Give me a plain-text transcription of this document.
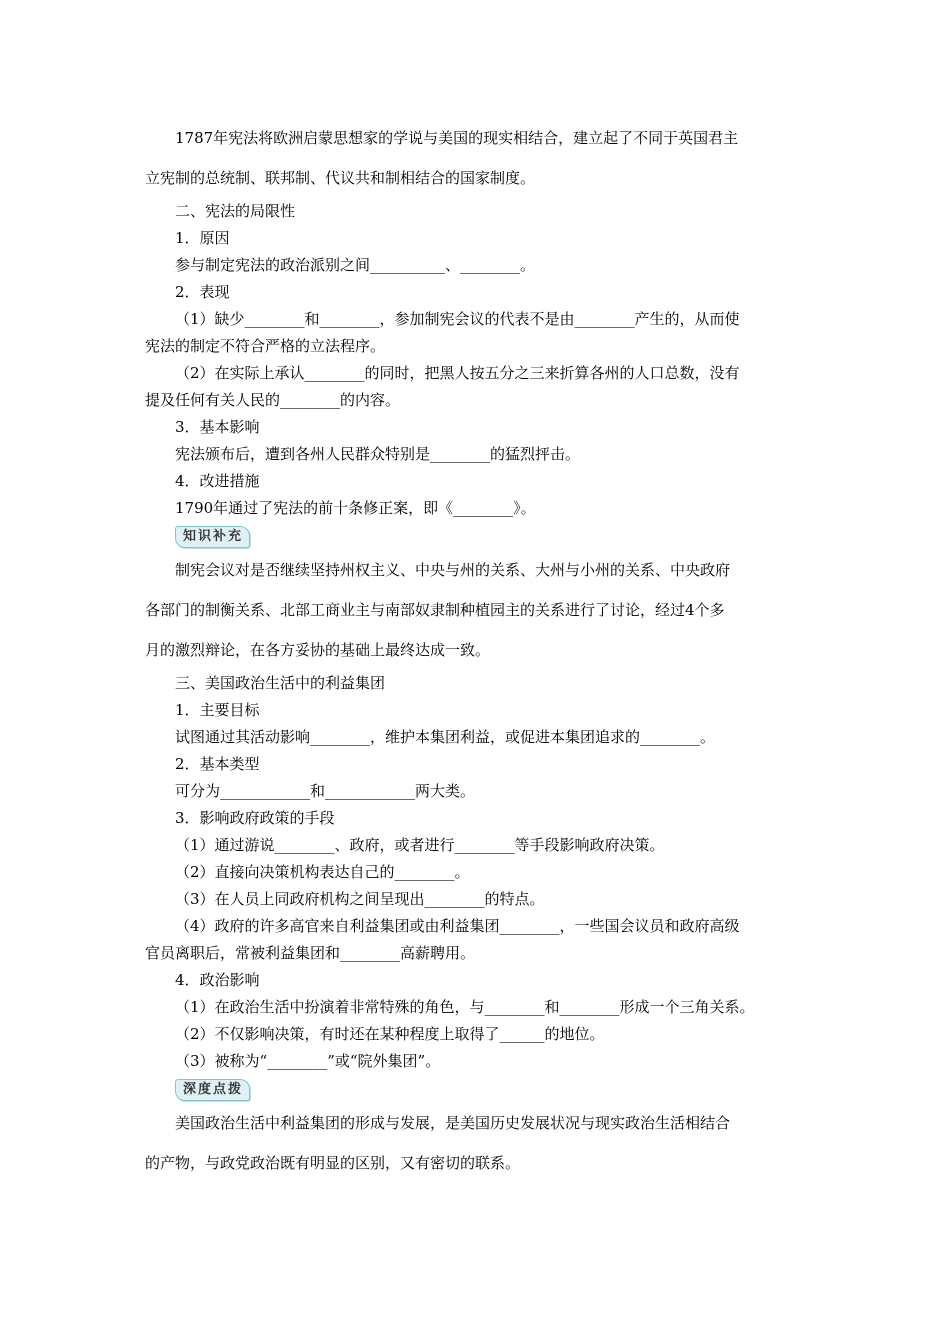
1787年宪法将欧洲启蒙思想家的学说与美国的现实相结合，建立起了不同于英国君主
立宪制的总统制、联邦制、代议共和制相结合的国家制度。
二、宪法的局限性
1．原因
参与制定宪法的政治派别之间__________、________。
2．表现
（1）缺少________和________，参加制宪会议的代表不是由________产生的，从而使
宪法的制定不符合严格的立法程序。
（2）在实际上承认________的同时，把黑人按五分之三来折算各州的人口总数，没有
提及任何有关人民的________的内容。
3．基本影响
宪法颁布后，遭到各州人民群众特别是________的猛烈抨击。
4．改进措施
1790年通过了宪法的前十条修正案，即《________》。
知识补充
制宪会议对是否继续坚持州权主义、中央与州的关系、大州与小州的关系、中央政府
各部门的制衡关系、北部工商业主与南部奴隶制种植园主的关系进行了讨论，经过4个多
月的激烈辩论，在各方妥协的基础上最终达成一致。
三、美国政治生活中的利益集团
1．主要目标
试图通过其活动影响________，维护本集团利益，或促进本集团追求的________。
2．基本类型
可分为____________和____________两大类。
3．影响政府政策的手段
（1）通过游说________、政府，或者进行________等手段影响政府决策。
（2）直接向决策机构表达自己的________。
（3）在人员上同政府机构之间呈现出________的特点。
（4）政府的许多高官来自利益集团或由利益集团________，一些国会议员和政府高级
官员离职后，常被利益集团和________高薪聘用。
4．政治影响
（1）在政治生活中扮演着非常特殊的角色，与________和________形成一个三角关系。
（2）不仅影响决策，有时还在某种程度上取得了______的地位。
（3）被称为“________”或“院外集团”。
深度点拨
美国政治生活中利益集团的形成与发展，是美国历史发展状况与现实政治生活相结合
的产物，与政党政治既有明显的区别，又有密切的联系。
